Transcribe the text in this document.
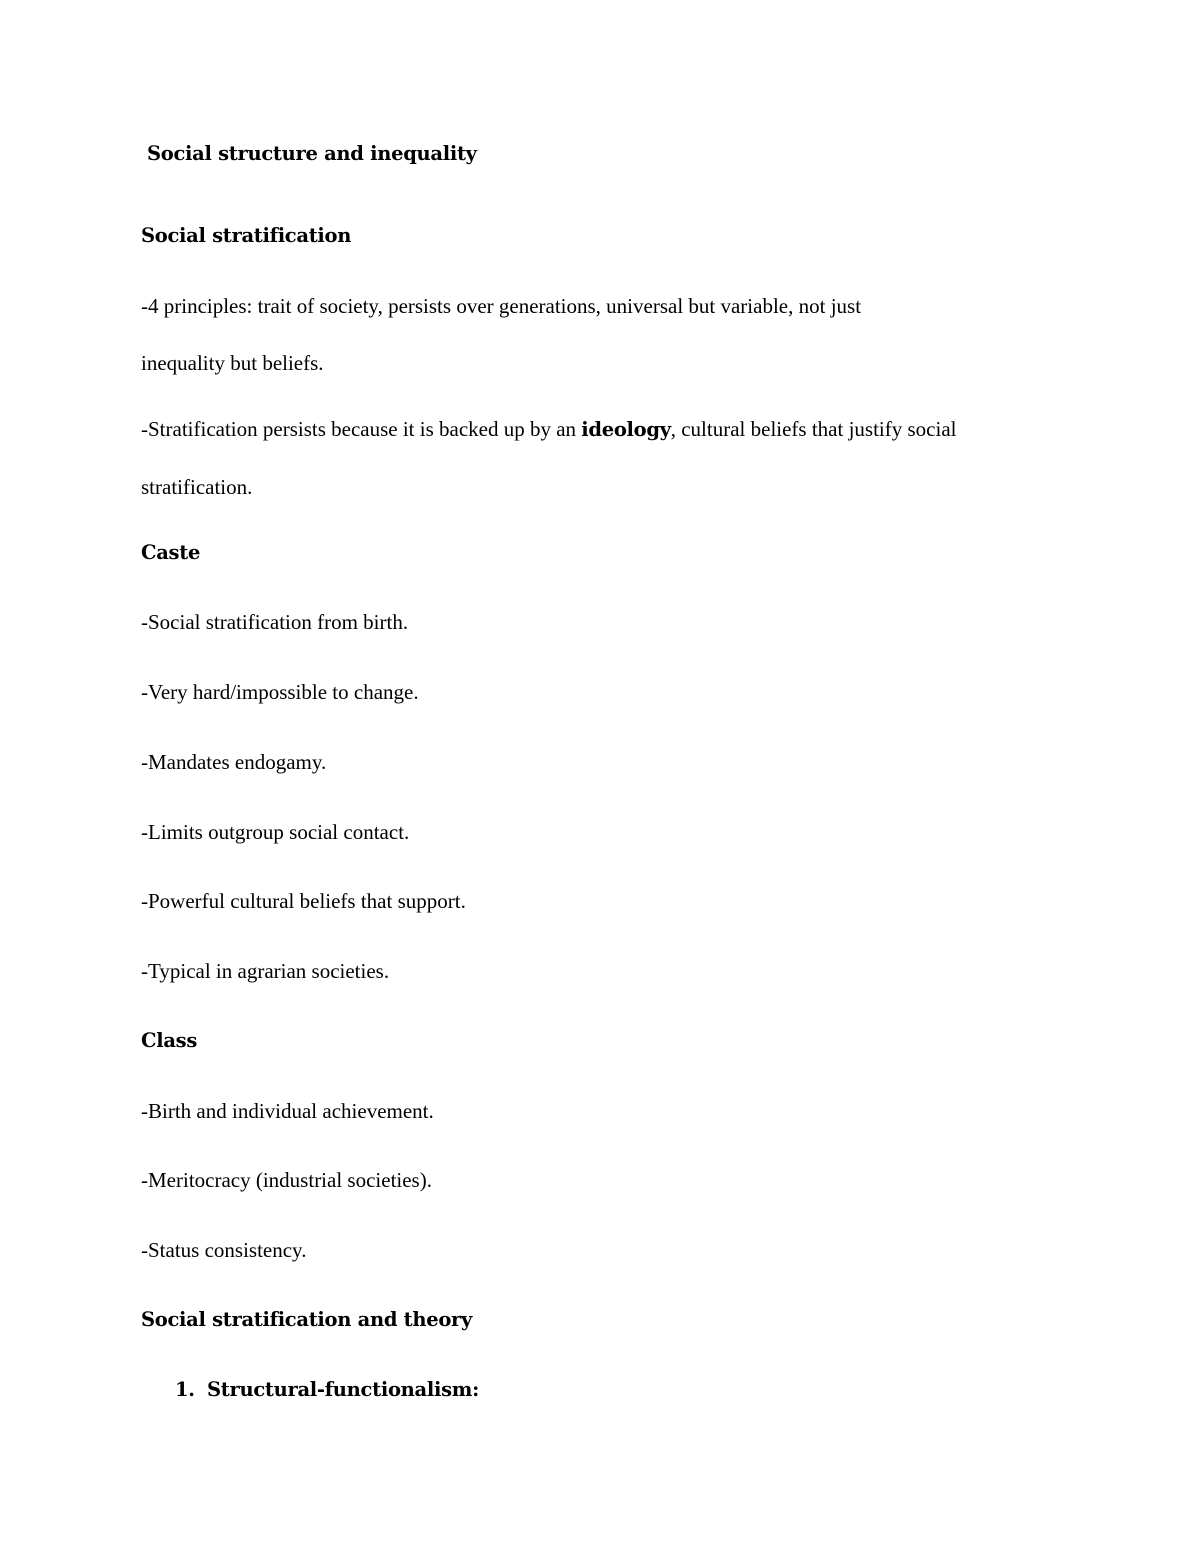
Social structure and inequality
Social stratification
-4 principles: trait of society, persists over generations, universal but variable, not just
inequality but beliefs.
-Stratification persists because it is backed up by an ideology, cultural beliefs that justify social
stratification.
Caste
-Social stratification from birth.
-Very hard/impossible to change.
-Mandates endogamy.
-Limits outgroup social contact.
-Powerful cultural beliefs that support.
-Typical in agrarian societies.
Class
-Birth and individual achievement.
-Meritocracy (industrial societies).
-Status consistency.
Social stratification and theory
1. Structural-functionalism:
